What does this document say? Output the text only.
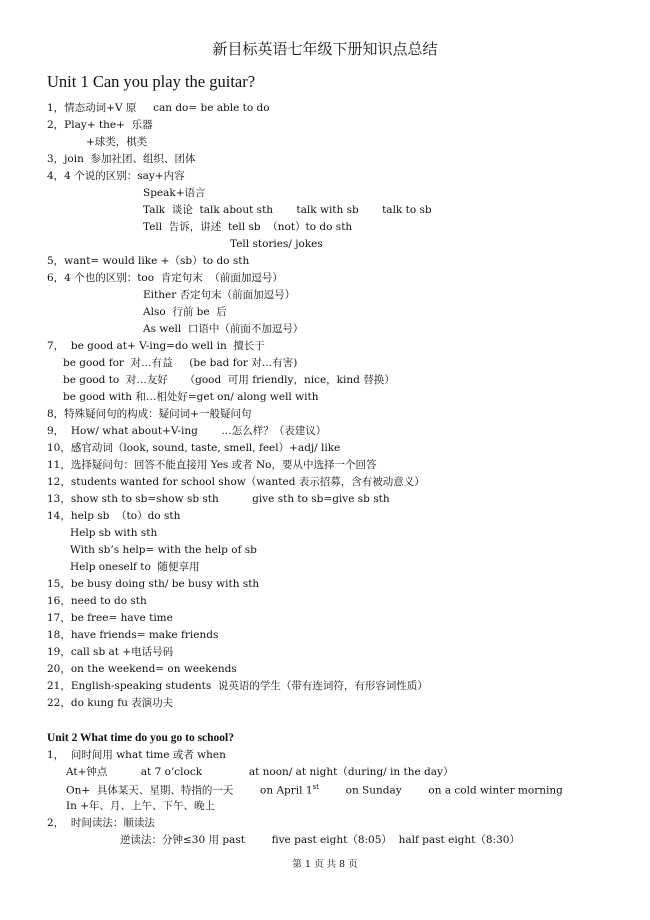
新目标英语七年级下册知识点总结
Unit 1 Can you play the guitar?
1，情态动词+V 原     can do= be able to do
2，Play+ the+  乐器
+球类，棋类
3，join  参加社团、组织、团体
4，4 个说的区别：say+内容
Speak+语言
Talk  谈论  talk about sth       talk with sb       talk to sb
Tell  告诉，讲述  tell sb  （not）to do sth
Tell stories/ jokes
5，want= would like +（sb）to do sth
6，4 个也的区别：too  肯定句末  （前面加逗号）
Either 否定句末（前面加逗号）
Also  行前 be  后
As well  口语中（前面不加逗号）
7，  be good at+ V-ing=do well in  擅长于
be good for  对…有益     (be bad for 对…有害)
be good to  对…友好     （good  可用 friendly，nice，kind 替换）
be good with 和…相处好=get on/ along well with
8，特殊疑问句的构成：疑问词+一般疑问句
9，  How/ what about+V-ing       …怎么样？（表建议）
10，感官动词（look, sound, taste, smell, feel）+adj/ like
11，选择疑问句：回答不能直接用 Yes 或者 No，要从中选择一个回答
12，students wanted for school show（wanted 表示招募，含有被动意义）
13，show sth to sb=show sb sth          give sth to sb=give sb sth
14，help sb  （to）do sth
Help sb with sth
With sb’s help= with the help of sb
Help oneself to  随便享用
15，be busy doing sth/ be busy with sth
16，need to do sth
17，be free= have time
18，have friends= make friends
19，call sb at +电话号码
20，on the weekend= on weekends
21，English-speaking students  说英语的学生（带有连词符，有形容词性质）
22，do kung fu 表演功夫
Unit 2 What time do you go to school?
1，  问时间用 what time 或者 when
At+钟点          at 7 o’clock              at noon/ at night（during/ in the day）
On+  具体某天、星期、特指的一天        on April 1st        on Sunday        on a cold winter morning
In +年、月、上午、下午、晚上
2，  时间读法：顺读法
逆读法：分钟≤30 用 past        five past eight（8:05）  half past eight（8:30）
第 1 页 共 8 页
